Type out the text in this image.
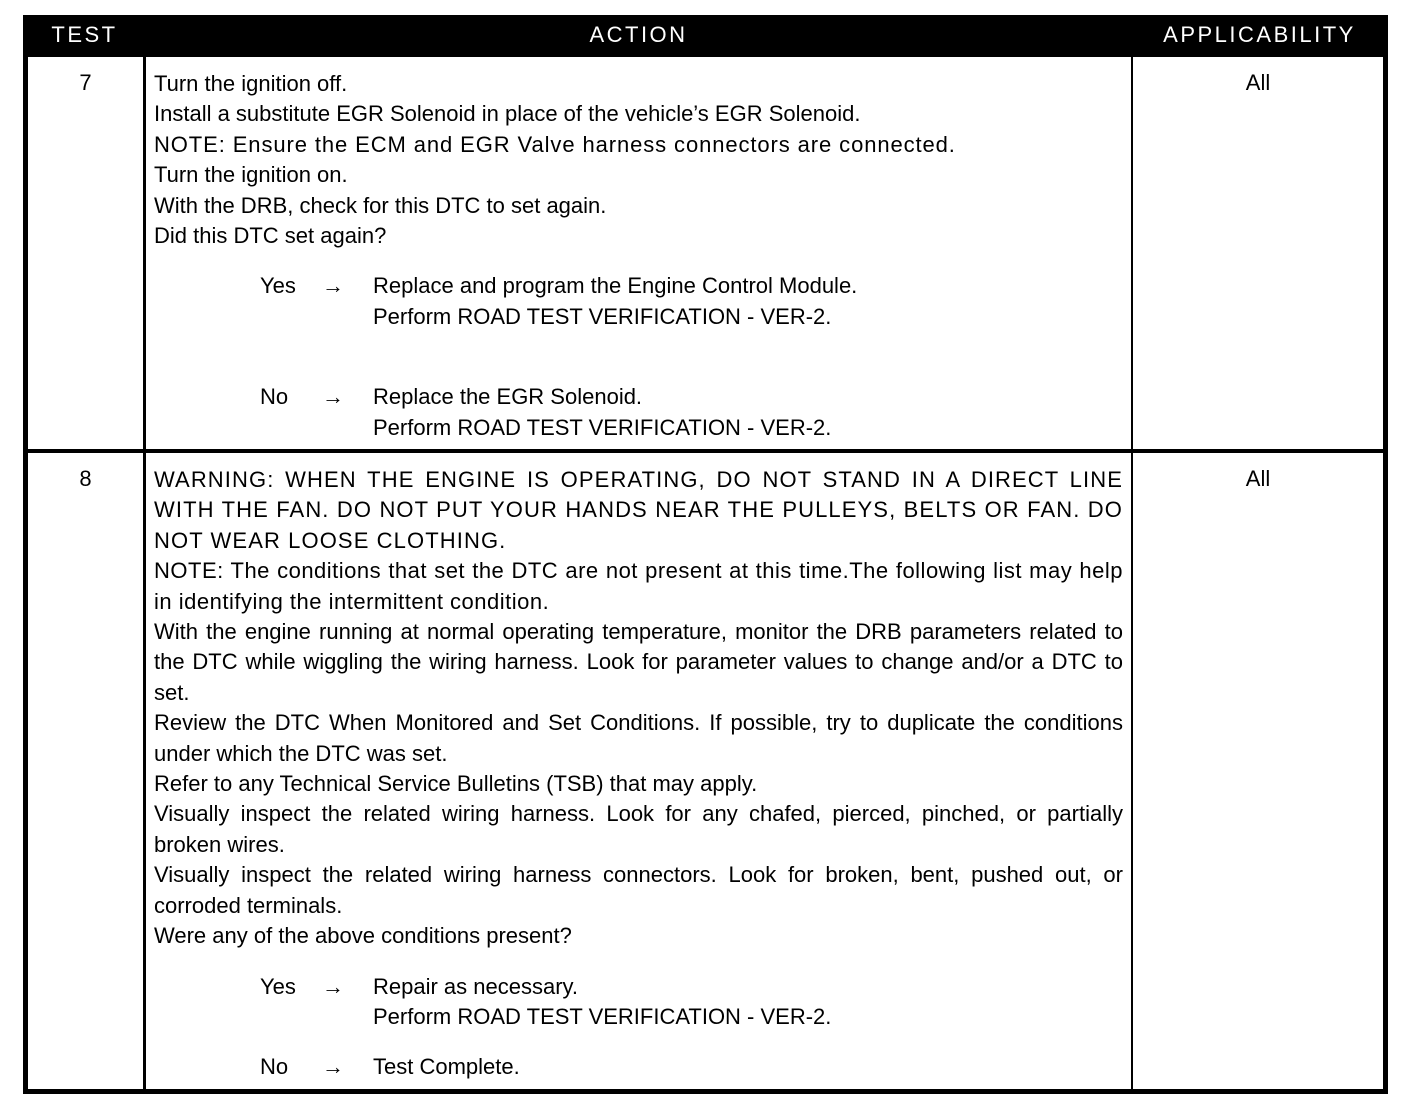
TEST	ACTION	APPLICABILITY
7	Turn the ignition off.

Install a substitute EGR Solenoid in place of the vehicle’s EGR Solenoid.

NOTE: Ensure the ECM and EGR Valve harness connectors are connected.

Turn the ignition on.

With the DRB, check for this DTC to set again.

Did this DTC set again?

Yes → Replace and program the Engine Control Module.
Perform ROAD TEST VERIFICATION - VER-2.
No → Replace the EGR Solenoid.
Perform ROAD TEST VERIFICATION - VER-2.
All
8	WARNING: WHEN THE ENGINE IS OPERATING, DO NOT STAND IN A DIRECT LINE WITH THE FAN. DO NOT PUT YOUR HANDS NEAR THE PULLEYS, BELTS OR FAN. DO NOT WEAR LOOSE CLOTHING.

NOTE: The conditions that set the DTC are not present at this time.The following list may help in identifying the intermittent condition.

With the engine running at normal operating temperature, monitor the DRB parameters related to the DTC while wiggling the wiring harness. Look for parameter values to change and/or a DTC to set.

Review the DTC When Monitored and Set Conditions. If possible, try to duplicate the conditions under which the DTC was set.

Refer to any Technical Service Bulletins (TSB) that may apply.

Visually inspect the related wiring harness. Look for any chafed, pierced, pinched, or partially broken wires.

Visually inspect the related wiring harness connectors. Look for broken, bent, pushed out, or corroded terminals.

Were any of the above conditions present?

Yes → Repair as necessary.
Perform ROAD TEST VERIFICATION - VER-2.
No → Test Complete.
All
